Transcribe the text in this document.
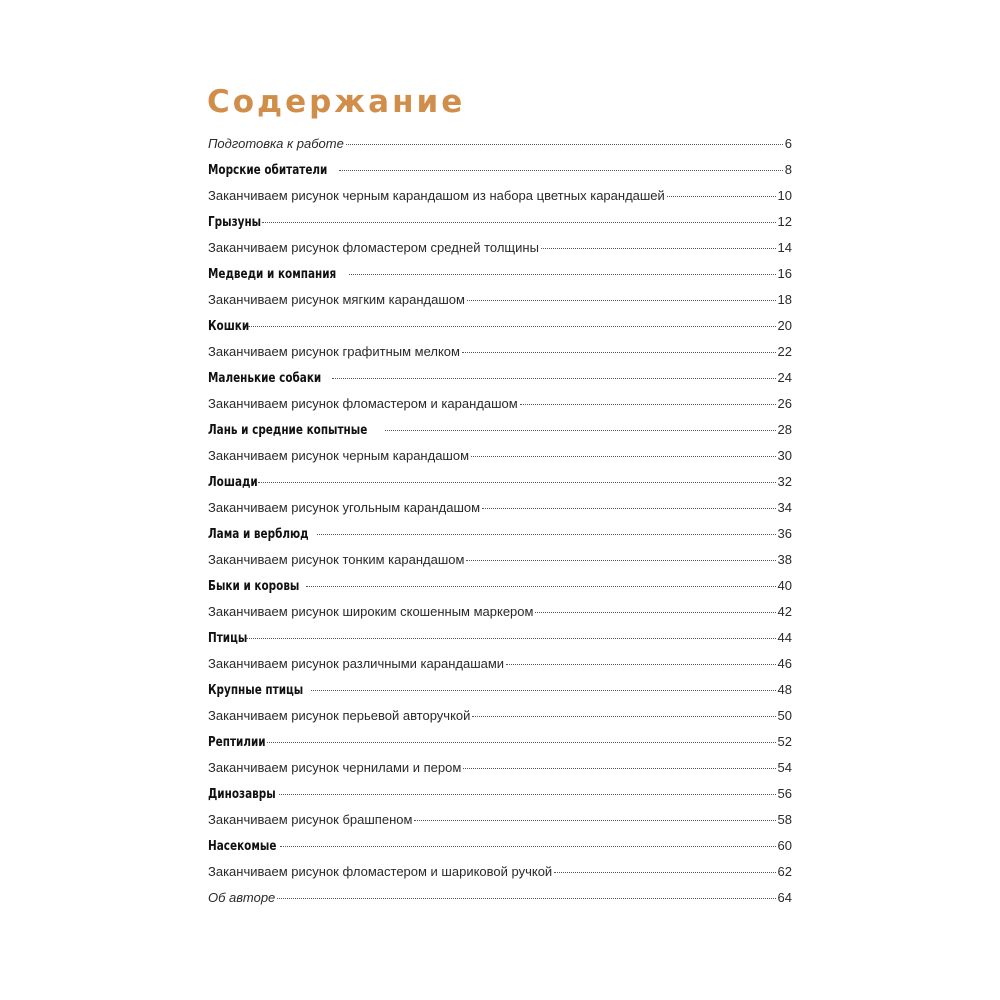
Содержание
Подготовка к работе	6
Морские обитатели	8
Заканчиваем рисунок черным карандашом из набора цветных карандашей	10
Грызуны	12
Заканчиваем рисунок фломастером средней толщины	14
Медведи и компания	16
Заканчиваем рисунок мягким карандашом	18
Кошки	20
Заканчиваем рисунок графитным мелком	22
Маленькие собаки	24
Заканчиваем рисунок фломастером и карандашом	26
Лань и средние копытные	28
Заканчиваем рисунок черным карандашом	30
Лошади	32
Заканчиваем рисунок угольным карандашом	34
Лама и верблюд	36
Заканчиваем рисунок тонким карандашом	38
Быки и коровы	40
Заканчиваем рисунок широким скошенным маркером	42
Птицы	44
Заканчиваем рисунок различными карандашами	46
Крупные птицы	48
Заканчиваем рисунок перьевой авторучкой	50
Рептилии	52
Заканчиваем рисунок чернилами и пером	54
Динозавры	56
Заканчиваем рисунок брашпеном	58
Насекомые	60
Заканчиваем рисунок фломастером и шариковой ручкой	62
Об авторе	64
